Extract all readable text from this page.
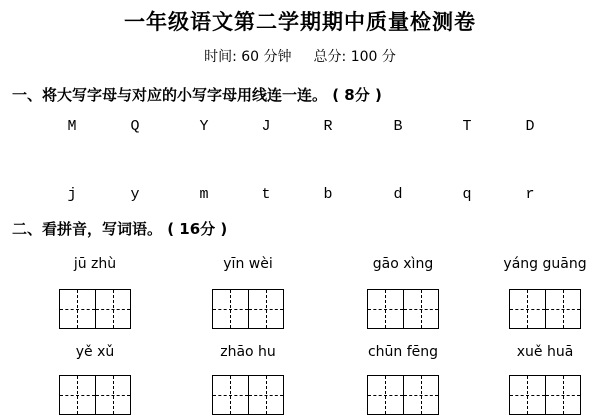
一年级语文第二学期期中质量检测卷
时间: 60 分钟 总分: 100 分
一、将大写字母与对应的小写字母用线连一连。 ( 8分 )
M	Q	Y	J	R	B	T	D
j	y	m	t	b	d	q	r
二、看拼音，写词语。 ( 16分 )
jū zhù	yīn wèi	gāo xìng	yáng guāng
yě xǔ	zhāo hu	chūn fēng	xuě huā
